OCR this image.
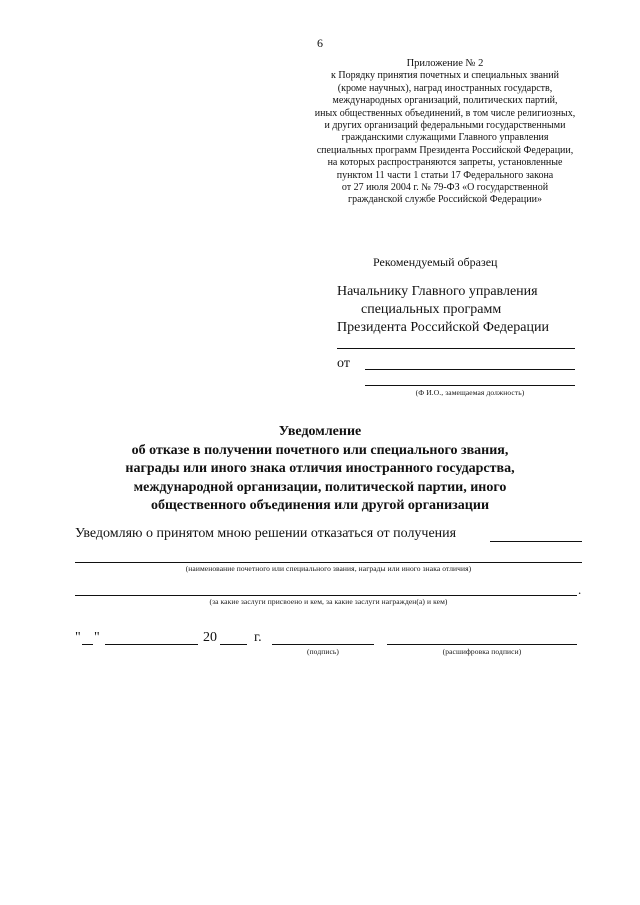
6
Приложение № 2
к Порядку принятия почетных и специальных званий
(кроме научных), наград иностранных государств,
международных организаций, политических партий,
иных общественных объединений, в том числе религиозных,
и других организаций федеральными государственными
гражданскими служащими Главного управления
специальных программ Президента Российской Федерации,
на которых распространяются запреты, установленные
пунктом 11 части 1 статьи 17 Федерального закона
от 27 июля 2004 г. № 79-ФЗ «О государственной
гражданской службе Российской Федерации»
Рекомендуемый образец
Начальнику Главного управления
специальных программ
Президента Российской Федерации
от
(Ф И.О., замещаемая должность)
Уведомление
об отказе в получении почетного или специального звания,
награды или иного знака отличия иностранного государства,
международной организации, политической партии, иного
общественного объединения или другой организации
Уведомляю о принятом мною решении отказаться от получения
(наименование почетного или специального звания, награды или иного знака отличия)
.
(за какие заслуги присвоено и кем, за какие заслуги награжден(а) и кем)
" "	20	г.
(подпись)	(расшифровка подписи)
